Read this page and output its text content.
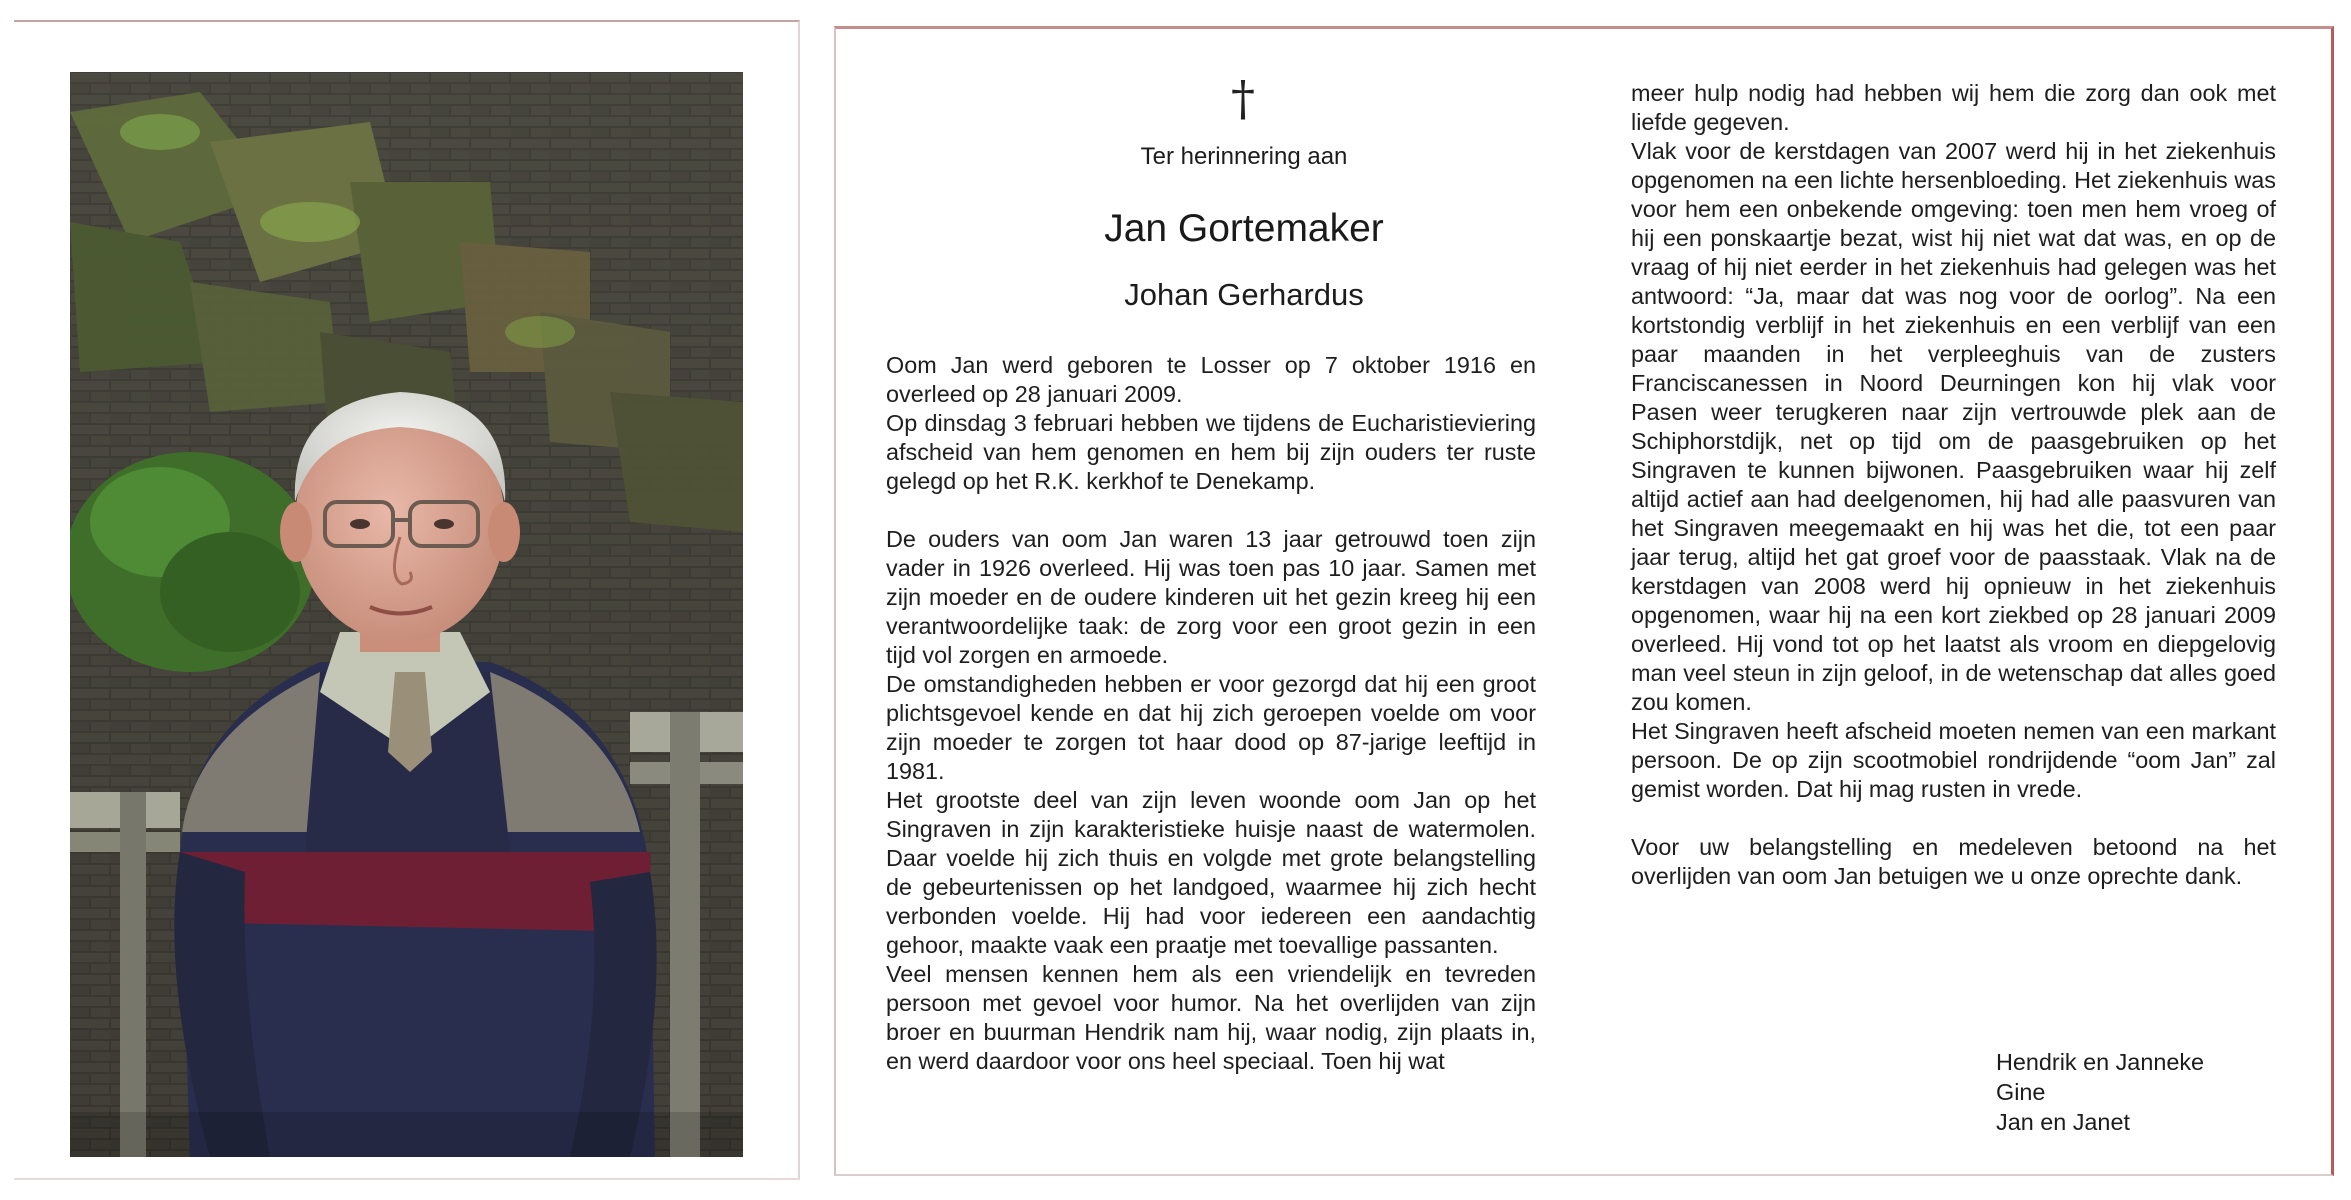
†
Ter herinnering aan
Jan Gortemaker
Johan Gerhardus

Oom Jan werd geboren te Losser op 7 oktober 1916 en overleed op 28 januari 2009.

Op dinsdag 3 februari hebben we tijdens de Eucharistieviering afscheid van hem genomen en hem bij zijn ouders ter ruste gelegd op het R.K. kerkhof te Denekamp.

De ouders van oom Jan waren 13 jaar getrouwd toen zijn vader in 1926 overleed. Hij was toen pas 10 jaar. Samen met zijn moeder en de oudere kinderen uit het gezin kreeg hij een verantwoordelijke taak: de zorg voor een groot gezin in een tijd vol zorgen en armoede.

De omstandigheden hebben er voor gezorgd dat hij een groot plichtsgevoel kende en dat hij zich geroepen voelde om voor zijn moeder te zorgen tot haar dood op 87-jarige leeftijd in 1981.

Het grootste deel van zijn leven woonde oom Jan op het Singraven in zijn karakteristieke huisje naast de watermolen. Daar voelde hij zich thuis en volgde met grote belangstelling de gebeurtenissen op het landgoed, waarmee hij zich hecht verbonden voelde. Hij had voor iedereen een aandachtig gehoor, maakte vaak een praatje met toevallige passanten.

Veel mensen kennen hem als een vriendelijk en tevreden persoon met gevoel voor humor. Na het overlijden van zijn broer en buurman Hendrik nam hij, waar nodig, zijn plaats in, en werd daardoor voor ons heel speciaal. Toen hij wat

meer hulp nodig had hebben wij hem die zorg dan ook met liefde gegeven.

Vlak voor de kerstdagen van 2007 werd hij in het ziekenhuis opgenomen na een lichte hersenbloeding. Het ziekenhuis was voor hem een onbekende omgeving: toen men hem vroeg of hij een ponskaartje bezat, wist hij niet wat dat was, en op de vraag of hij niet eerder in het ziekenhuis had gelegen was het antwoord: “Ja, maar dat was nog voor de oorlog”. Na een kortstondig verblijf in het ziekenhuis en een verblijf van een paar maanden in het verpleeghuis van de zusters Franciscanessen in Noord Deurningen kon hij vlak voor Pasen weer terugkeren naar zijn vertrouwde plek aan de Schiphorstdijk, net op tijd om de paasgebruiken op het Singraven te kunnen bijwonen. Paasgebruiken waar hij zelf altijd actief aan had deelgenomen, hij had alle paasvuren van het Singraven meegemaakt en hij was het die, tot een paar jaar terug, altijd het gat groef voor de paasstaak. Vlak na de kerstdagen van 2008 werd hij opnieuw in het ziekenhuis opgenomen, waar hij na een kort ziekbed op 28 januari 2009 overleed. Hij vond tot op het laatst als vroom en diepgelovig man veel steun in zijn geloof, in de wetenschap dat alles goed zou komen.

Het Singraven heeft afscheid moeten nemen van een markant persoon. De op zijn scootmobiel rondrijdende “oom Jan” zal gemist worden. Dat hij mag rusten in vrede.

Voor uw belangstelling en medeleven betoond na het overlijden van oom Jan betuigen we u onze oprechte dank.

Hendrik en Janneke
Gine
Jan en Janet
